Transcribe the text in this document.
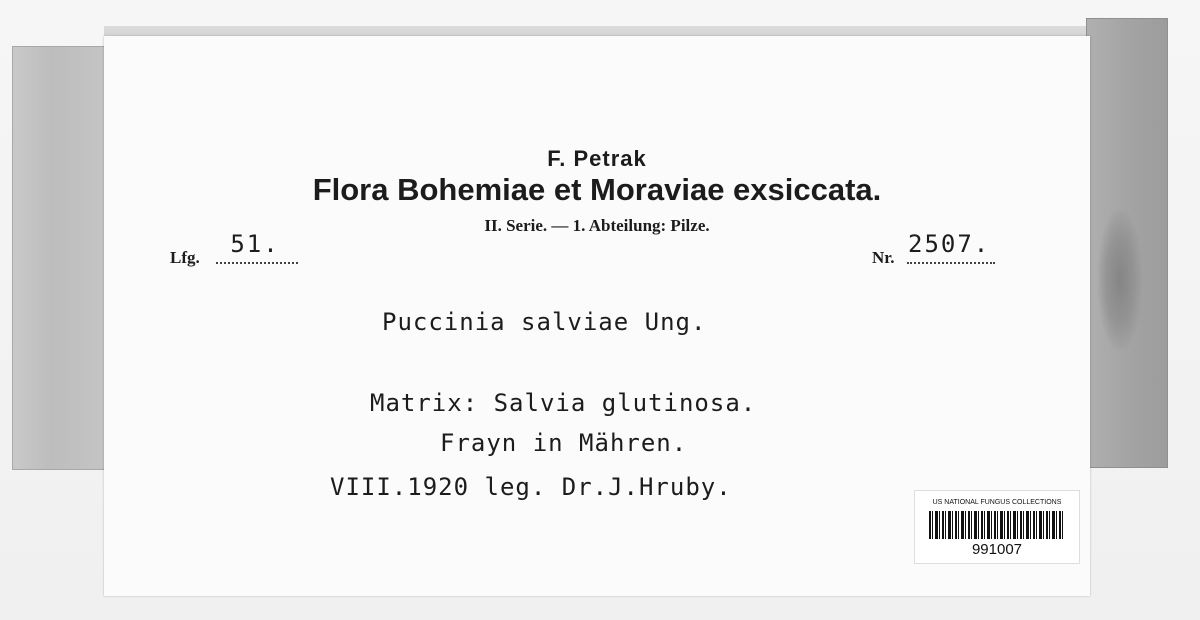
F. Petrak
Flora Bohemiae et Moraviae exsiccata.
II. Serie. — 1. Abteilung: Pilze.
Lfg.	51.	Nr. 2507.
Puccinia salviae Ung.
Matrix: Salvia glutinosa.
Frayn in Mähren.
VIII.1920 leg. Dr.J.Hruby.
US NATIONAL FUNGUS COLLECTIONS
991007
